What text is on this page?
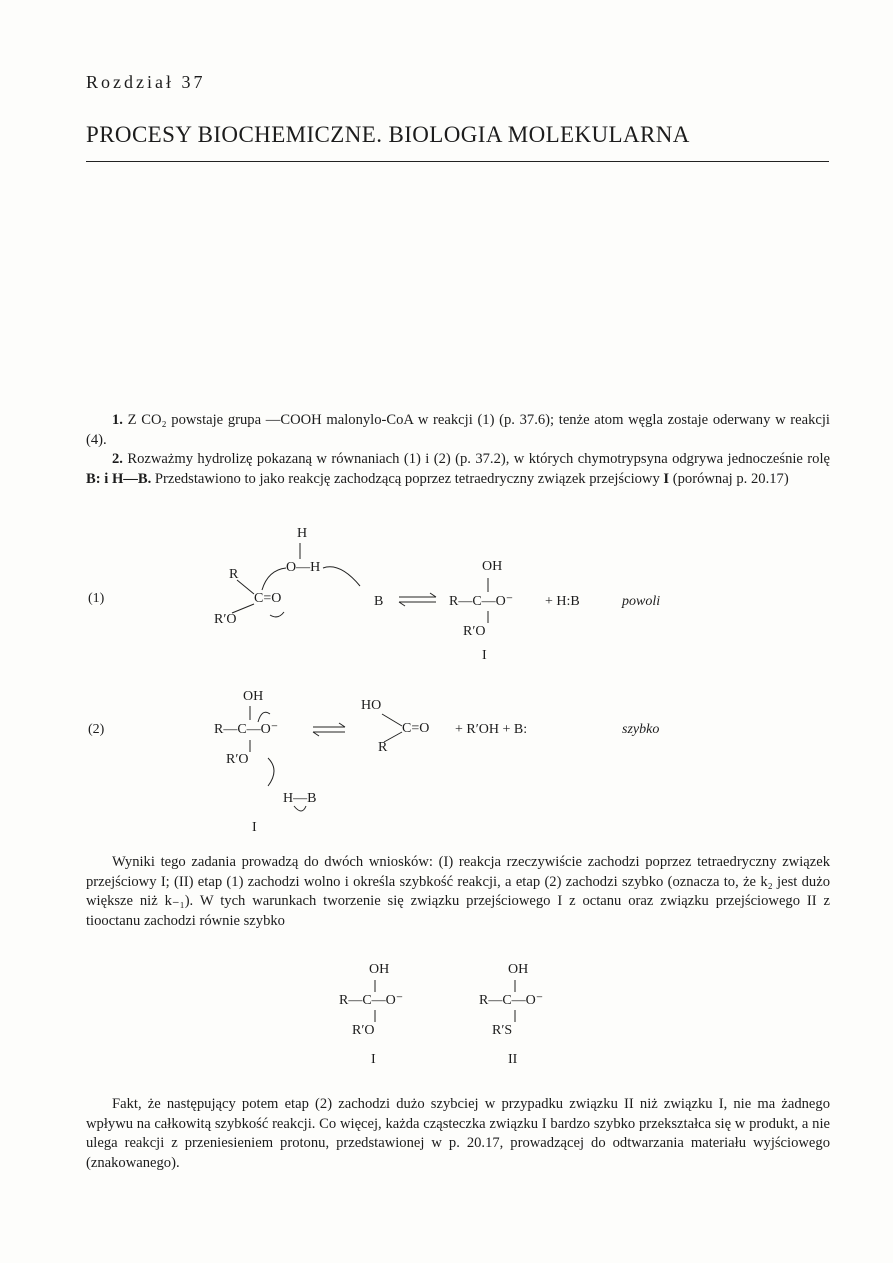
Rozdział 37
PROCESY BIOCHEMICZNE. BIOLOGIA MOLEKULARNA

1. Z CO₂ powstaje grupa —COOH malonylo-CoA w reakcji (1) (p. 37.6); tenże atom węgla zostaje oderwany w reakcji (4).

2. Rozważmy hydrolizę pokazaną w równaniach (1) i (2) (p. 37.2), w których chymotrypsyna odgrywa jednocześnie rolę B: i H—B. Przedstawiono to jako reakcję zachodzącą poprzez tetraedryczny związek przejściowy I (porównaj p. 20.17)

(1)
H
O—H
R
C=O
R′O
B
OH
R—C—O⁻
R′O
+ H:B
I
powoli
(2)
OH
R—C—O⁻
R′O
H—B
I
HO
C=O
R
+ R′OH + B:	szybko

Wyniki tego zadania prowadzą do dwóch wniosków: (I) reakcja rzeczywiście zachodzi poprzez tetraedryczny związek przejściowy I; (II) etap (1) zachodzi wolno i określa szybkość reakcji, a etap (2) zachodzi szybko (oznacza to, że k₂ jest dużo większe niż k₋₁). W tych warunkach tworzenie się związku przejściowego I z octanu oraz związku przejściowego II z tiooctanu zachodzi równie szybko

OH
R—C—O⁻
R′O
I
OH
R—C—O⁻
R′S
II

Fakt, że następujący potem etap (2) zachodzi dużo szybciej w przypadku związku II niż związku I, nie ma żadnego wpływu na całkowitą szybkość reakcji. Co więcej, każda cząsteczka związku I bardzo szybko przekształca się w produkt, a nie ulega reakcji z przeniesieniem protonu, przedstawionej w p. 20.17, prowadzącej do odtwarzania materiału wyjściowego (znakowanego).
